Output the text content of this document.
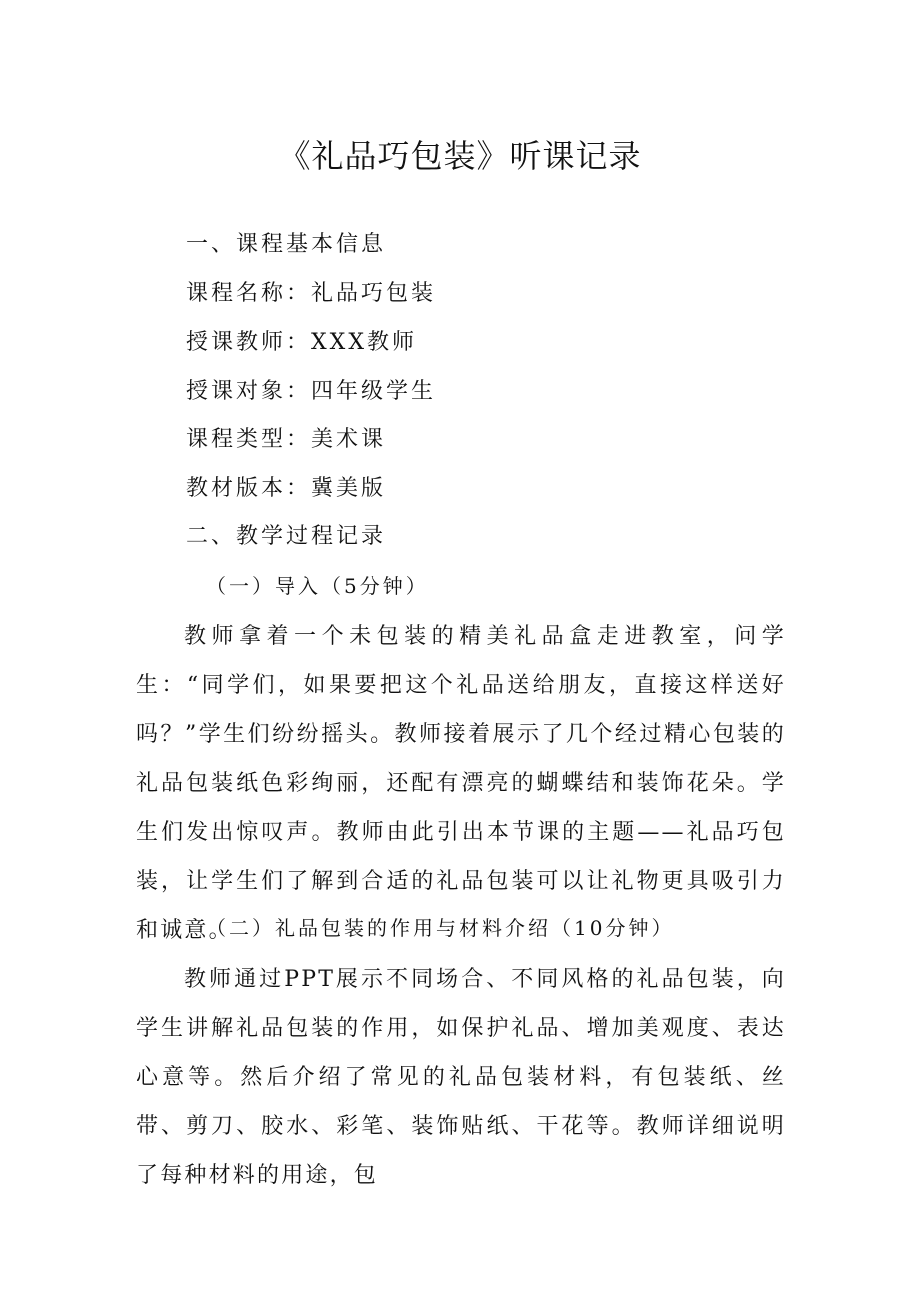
《礼品巧包装》听课记录

一、课程基本信息

课程名称：礼品巧包装

授课教师：XXX教师

授课对象：四年级学生

课程类型：美术课

教材版本：冀美版

二、教学过程记录

（一）导入（5分钟）

教师拿着一个未包装的精美礼品盒走进教室，问学生：“同学们，如果要把这个礼品送给朋友，直接这样送好吗？”学生们纷纷摇头。教师接着展示了几个经过精心包装的礼品包装纸色彩绚丽，还配有漂亮的蝴蝶结和装饰花朵。学生们发出惊叹声。教师由此引出本节课的主题——礼品巧包装，让学生们了解到合适的礼品包装可以让礼物更具吸引力和诚意。

（二）礼品包装的作用与材料介绍（10分钟）

教师通过PPT展示不同场合、不同风格的礼品包装，向学生讲解礼品包装的作用，如保护礼品、增加美观度、表达心意等。然后介绍了常见的礼品包装材料，有包装纸、丝带、剪刀、胶水、彩笔、装饰贴纸、干花等。教师详细说明了每种材料的用途，包
